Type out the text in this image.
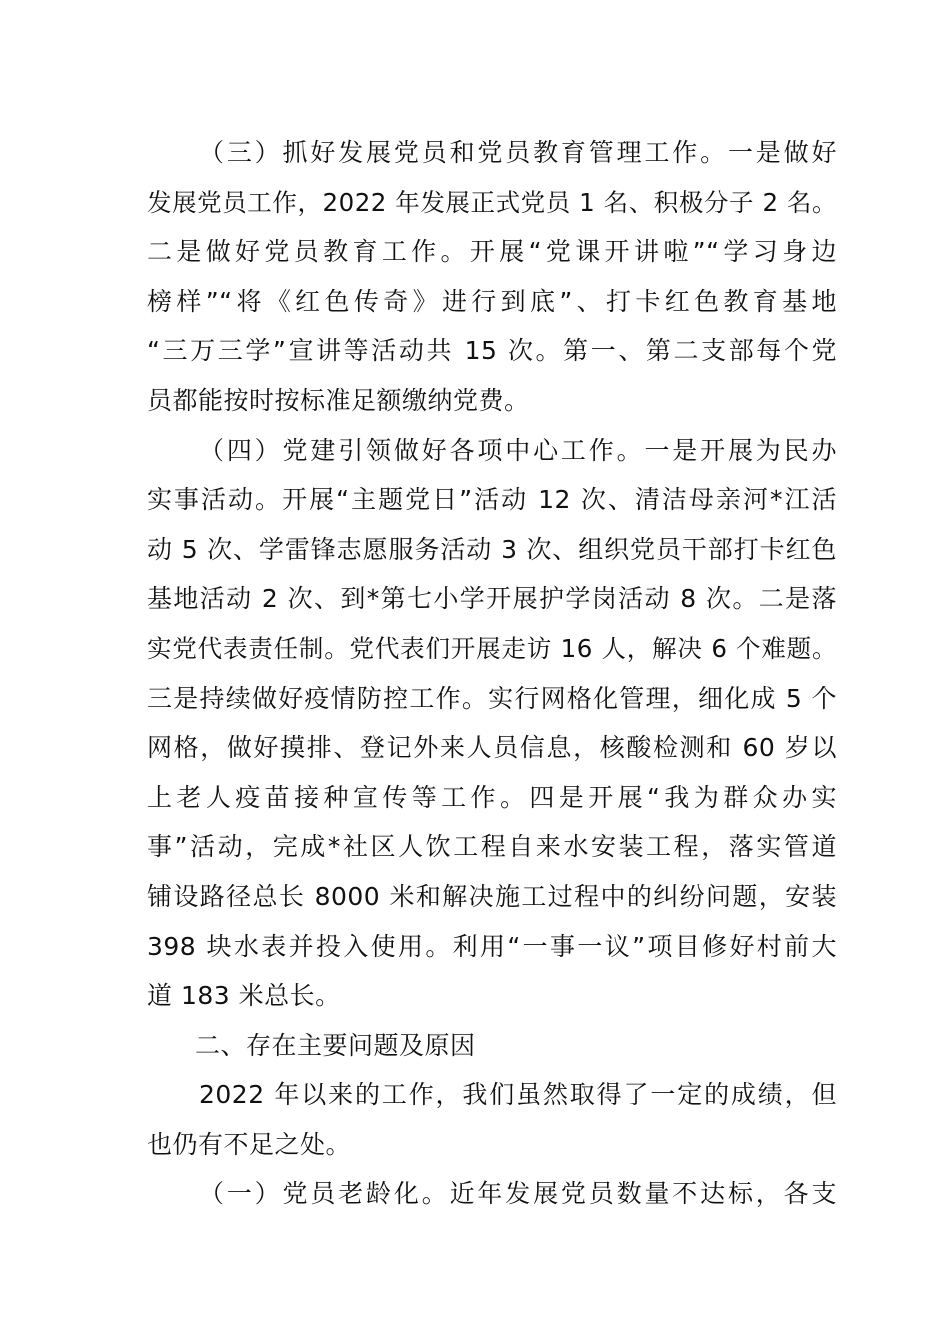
（三）抓好发展党员和党员教育管理工作。一是做好
发展党员工作，2022 年发展正式党员 1 名、积极分子 2 名。
二是做好党员教育工作。开展“党课开讲啦”“学习身边
榜样”“将《红色传奇》进行到底”、打卡红色教育基地
“三万三学”宣讲等活动共 15 次。第一、第二支部每个党
员都能按时按标准足额缴纳党费。
（四）党建引领做好各项中心工作。一是开展为民办
实事活动。开展“主题党日”活动 12 次、清洁母亲河*江活
动 5 次、学雷锋志愿服务活动 3 次、组织党员干部打卡红色
基地活动 2 次、到*第七小学开展护学岗活动 8 次。二是落
实党代表责任制。党代表们开展走访 16 人，解决 6 个难题。
三是持续做好疫情防控工作。实行网格化管理，细化成 5 个
网格，做好摸排、登记外来人员信息，核酸检测和 60 岁以
上老人疫苗接种宣传等工作。四是开展“我为群众办实
事”活动，完成*社区人饮工程自来水安装工程，落实管道
铺设路径总长 8000 米和解决施工过程中的纠纷问题，安装
398 块水表并投入使用。利用“一事一议”项目修好村前大
道 183 米总长。
二、存在主要问题及原因
2022 年以来的工作，我们虽然取得了一定的成绩，但
也仍有不足之处。
（一）党员老龄化。近年发展党员数量不达标，各支
